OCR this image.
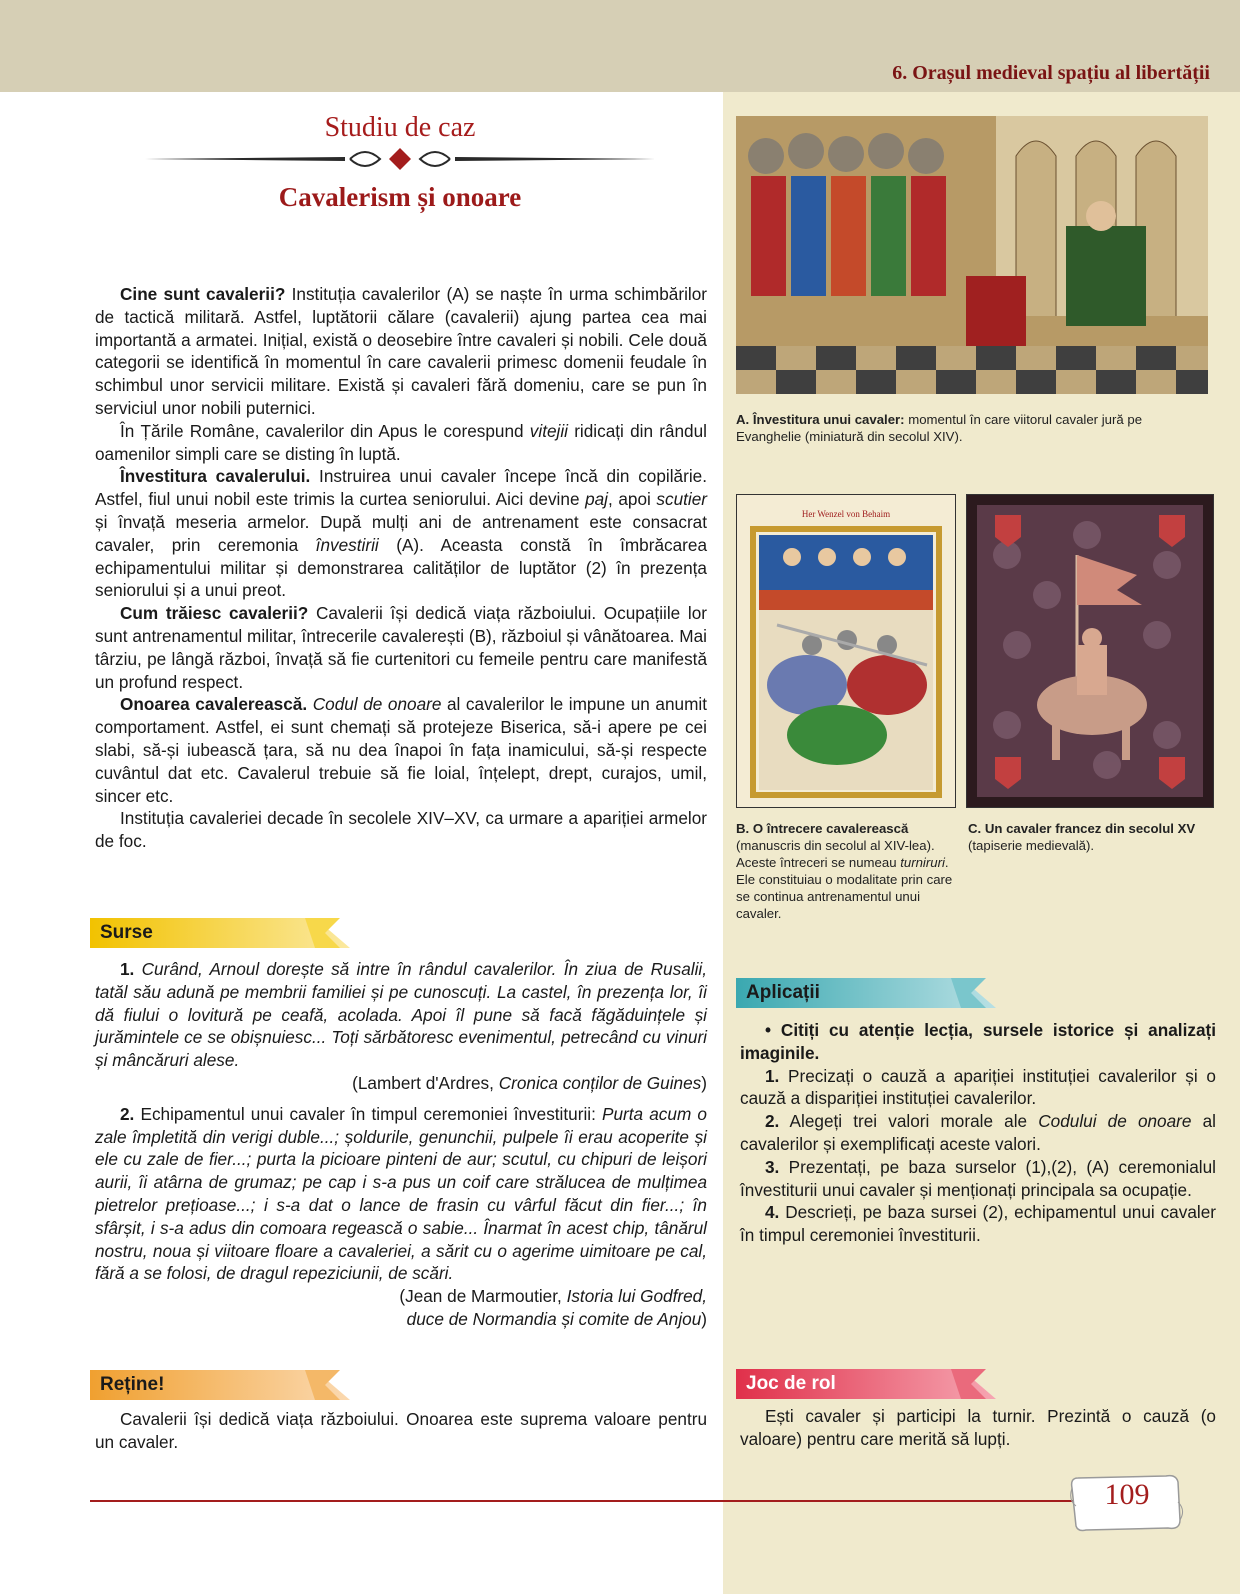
6. Orașul medieval spațiu al libertății
Studiu de caz
Cavalerism și onoare

Cine sunt cavalerii? Instituția cavalerilor (A) se naște în urma schimbărilor de tactică militară. Astfel, luptătorii călare (cavalerii) ajung partea cea mai importantă a armatei. Inițial, există o deosebire între cavaleri și nobili. Cele două categorii se identifică în momentul în care cavalerii primesc domenii feudale în schimbul unor servicii militare. Există și cavaleri fără domeniu, care se pun în serviciul unor nobili puternici.

În Țările Române, cavalerilor din Apus le corespund vitejii ridicați din rândul oamenilor simpli care se disting în luptă.

Învestitura cavalerului. Instruirea unui cavaler începe încă din copilărie. Astfel, fiul unui nobil este trimis la curtea seniorului. Aici devine paj, apoi scutier și învață meseria armelor. După mulți ani de antrenament este consacrat cavaler, prin ceremonia învestirii (A). Aceasta constă în îmbrăcarea echipamentului militar și demonstrarea calităților de luptător (2) în prezența seniorului și a unui preot.

Cum trăiesc cavalerii? Cavalerii își dedică viața războiului. Ocupațiile lor sunt antrenamentul militar, întrecerile cavalerești (B), războiul și vânătoarea. Mai târziu, pe lângă război, învață să fie curtenitori cu femeile pentru care manifestă un profund respect.

Onoarea cavalerească. Codul de onoare al cavalerilor le impune un anumit comportament. Astfel, ei sunt chemați să protejeze Biserica, să-i apere pe cei slabi, să-și iubească țara, să nu dea înapoi în fața inamicului, să-și respecte cuvântul dat etc. Cavalerul trebuie să fie loial, înțelept, drept, curajos, umil, sincer etc.

Instituția cavaleriei decade în secolele XIV–XV, ca urmare a apariției armelor de foc.

Surse

1. Curând, Arnoul dorește să intre în rândul cavalerilor. În ziua de Rusalii, tatăl său adună pe membrii familiei și pe cunoscuți. La castel, în prezența lor, îi dă fiului o lovitură pe ceafă, acolada. Apoi îl pune să facă făgăduințele și jurămintele ce se obișnuiesc... Toți sărbătoresc evenimentul, petrecând cu vinuri și mâncăruri alese.

(Lambert d'Ardres, Cronica conților de Guines)

2. Echipamentul unui cavaler în timpul ceremoniei învestiturii: Purta acum o zale împletită din verigi duble...; șoldurile, genunchii, pulpele îi erau acoperite și ele cu zale de fier...; purta la picioare pinteni de aur; scutul, cu chipuri de leișori aurii, îi atârna de grumaz; pe cap i s-a pus un coif care strălucea de mulțimea pietrelor prețioase...; i s-a dat o lance de frasin cu vârful făcut din fier...; în sfârșit, i s-a adus din comoara regească o sabie... Înarmat în acest chip, tânărul nostru, noua și viitoare floare a cavaleriei, a sărit cu o agerime uimitoare pe cal, fără a se folosi, de dragul repeziciunii, de scări.

(Jean de Marmoutier, Istoria lui Godfred,
duce de Normandia și comite de Anjou)

Reține!

Cavalerii își dedică viața războiului. Onoarea este suprema valoare pentru un cavaler.

A. Învestitura unui cavaler: momentul în care viitorul cavaler jură pe Evanghelie (miniatură din secolul XIV).
Her Wenzel von Behaim
B. O întrecere cavalerească (manuscris din secolul al XIV-lea). Aceste întreceri se numeau turniruri. Ele constituiau o modalitate prin care se continua antrenamentul unui cavaler.
C. Un cavaler francez din secolul XV (tapiserie medievală).
Aplicații

• Citiți cu atenție lecția, sursele istorice și analizați imaginile.

1. Precizați o cauză a apariției instituției cavalerilor și o cauză a dispariției instituției cavalerilor.

2. Alegeți trei valori morale ale Codului de onoare al cavalerilor și exemplificați aceste valori.

3. Prezentați, pe baza surselor (1),(2), (A) ceremonialul învestiturii unui cavaler și menționați principala sa ocupație.

4. Descrieți, pe baza sursei (2), echipamentul unui cavaler în timpul ceremoniei învestiturii.

Joc de rol

Ești cavaler și participi la turnir. Prezintă o cauză (o valoare) pentru care merită să lupți.

109
